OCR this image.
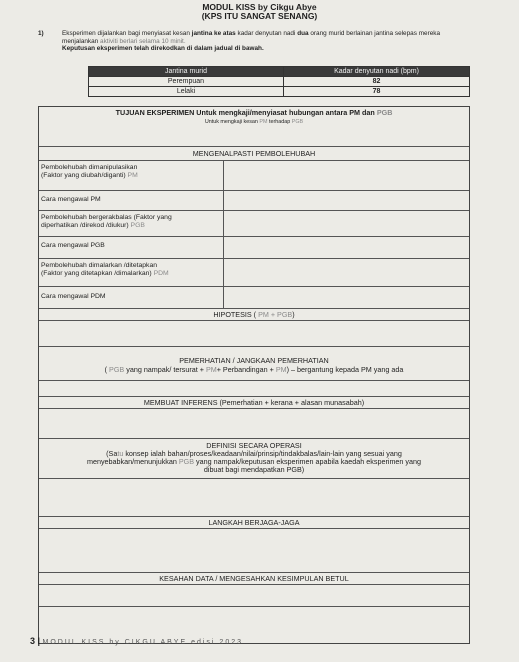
MODUL KISS by Cikgu Abye
(KPS ITU SANGAT SENANG)
1)	Eksperimen dijalankan bagi menyiasat kesan jantina ke atas kadar denyutan nadi dua orang murid berlainan jantina selepas mereka menjalankan aktiviti berlari selama 10 minit.
Keputusan eksperimen telah direkodkan di dalam jadual di bawah.
Jantina murid	Kadar denyutan nadi (bpm)
Perempuan	82
Lelaki	78
TUJUAN EKSPERIMEN Untuk mengkaji/menyiasat hubungan antara PM dan PGB
Untuk mengkaji kesan PM terhadap PGB
MENGENALPASTI PEMBOLEHUBAH
Pembolehubah dimanipulasikan
(Faktor yang diubah/diganti) PM
Cara mengawal PM
Pembolehubah bergerakbalas (Faktor yang
diperhatikan /direkod /diukur) PGB
Cara mengawal PGB
Pembolehubah dimalarkan /ditetapkan
(Faktor yang ditetapkan /dimalarkan) PDM
Cara mengawal PDM
HIPOTESIS ( PM + PGB)
PEMERHATIAN / JANGKAAN PEMERHATIAN
( PGB yang nampak/ tersurat + PM+ Perbandingan + PM) – bergantung kepada PM yang ada
MEMBUAT INFERENS (Pemerhatian + kerana + alasan munasabah)
DEFINISI SECARA OPERASI
(Satu konsep ialah bahan/proses/keadaan/nilai/prinsip/tindakbalas/lain-lain yang sesuai yang
menyebabkan/menunjukkan PGB yang nampak/keputusan eksperimen apabila kaedah eksperimen yang
dibuat bagi mendapatkan PGB)
LANGKAH BERJAGA-JAGA
KESAHAN DATA / MENGESAHKAN KESIMPULAN BETUL
3 | MODUL KISS by CIKGU ABYE edisi 2023
